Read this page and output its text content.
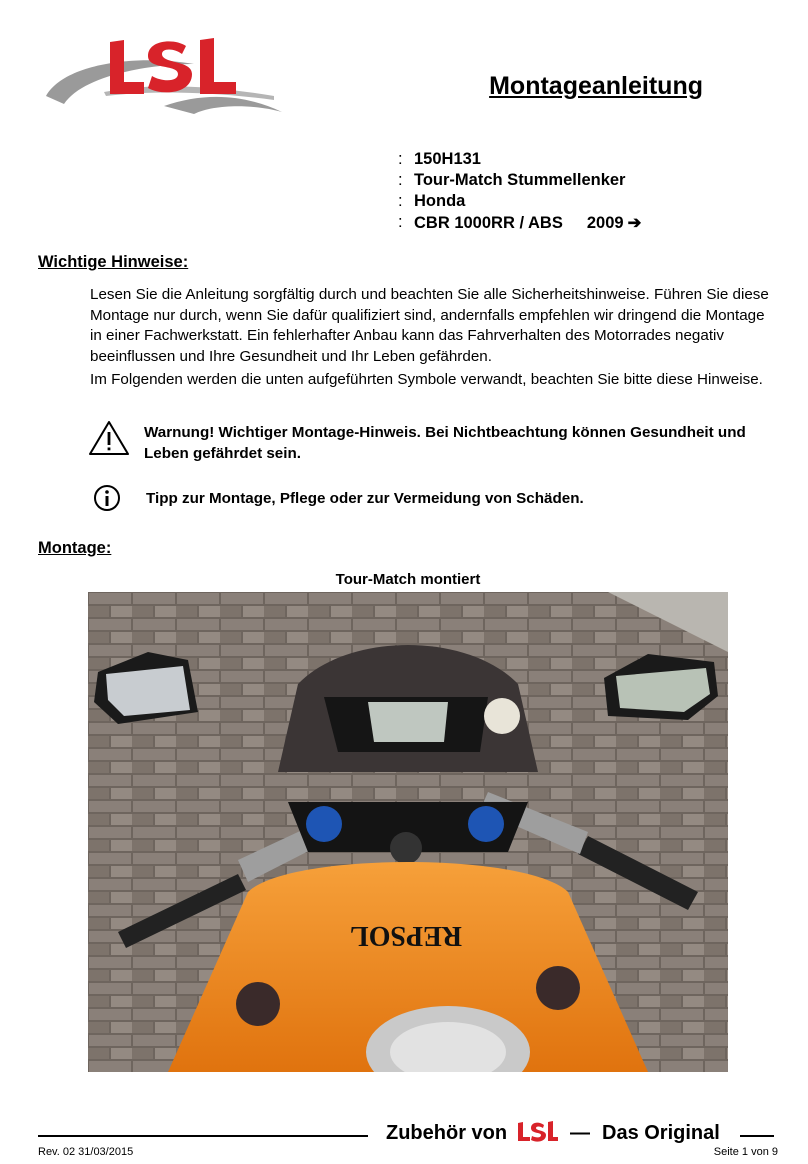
Montageanleitung
: 150H131
: Tour-Match Stummellenker
: Honda
: CBR 1000RR / ABS 2009 ➔
Wichtige Hinweise:
Lesen Sie die Anleitung sorgfältig durch und beachten Sie alle Sicherheitshinweise. Führen Sie diese Montage nur durch, wenn Sie dafür qualifiziert sind, andernfalls empfehlen wir dringend die Montage in einer Fachwerkstatt. Ein fehlerhafter Anbau kann das Fahrverhalten des Motorrades negativ beeinflussen und Ihre Gesundheit und Ihr Leben gefährden.
Im Folgenden werden die unten aufgeführten Symbole verwandt, beachten Sie bitte diese Hinweise.
Warnung! Wichtiger Montage-Hinweis. Bei Nichtbeachtung können Gesundheit und Leben gefährdet sein.
Tipp zur Montage, Pflege oder zur Vermeidung von Schäden.
Montage:
Tour-Match montiert
REPSOL
Zubehör von	— Das Original
Rev. 02 31/03/2015	Seite 1 von 9
